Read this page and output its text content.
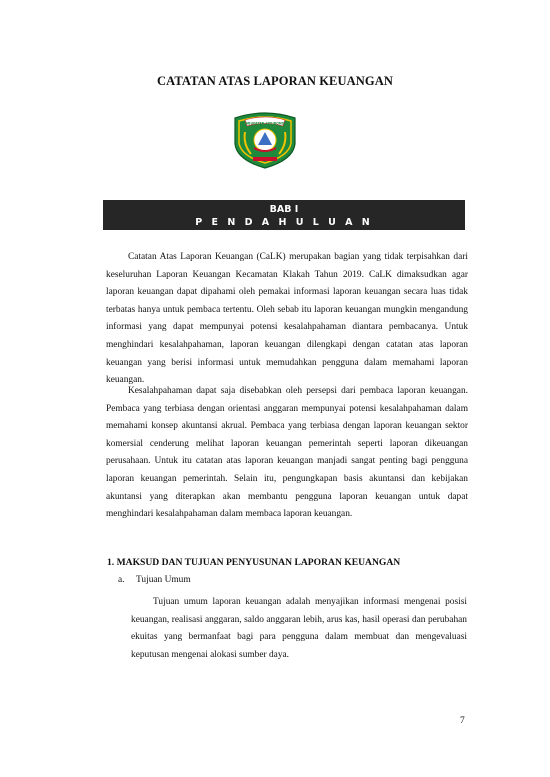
CATATAN ATAS LAPORAN KEUANGAN
KABUPATEN SITUBONDO
BAB I
P E N D A H U L U A N
Catatan Atas Laporan Keuangan (CaLK) merupakan bagian yang tidak terpisahkan dari keseluruhan Laporan Keuangan Kecamatan Klakah Tahun 2019. CaLK dimaksudkan agar laporan keuangan dapat dipahami oleh pemakai informasi laporan keuangan secara luas tidak terbatas hanya untuk pembaca tertentu. Oleh sebab itu laporan keuangan mungkin mengandung informasi yang dapat mempunyai potensi kesalahpahaman diantara pembacanya. Untuk menghindari kesalahpahaman, laporan keuangan dilengkapi dengan catatan atas laporan keuangan yang berisi informasi untuk memudahkan pengguna dalam memahami laporan keuangan.
Kesalahpahaman dapat saja disebabkan oleh persepsi dari pembaca laporan keuangan. Pembaca yang terbiasa dengan orientasi anggaran mempunyai potensi kesalahpahaman dalam memahami konsep akuntansi akrual. Pembaca yang terbiasa dengan laporan keuangan sektor komersial cenderung melihat laporan keuangan pemerintah seperti laporan dikeuangan perusahaan. Untuk itu catatan atas laporan keuangan manjadi sangat penting bagi pengguna laporan keuangan pemerintah. Selain itu, pengungkapan basis akuntansi dan kebijakan akuntansi yang diterapkan akan membantu pengguna laporan keuangan untuk dapat menghindari kesalahpahaman dalam membaca laporan keuangan.
1. MAKSUD DAN TUJUAN PENYUSUNAN LAPORAN KEUANGAN
a. Tujuan Umum
Tujuan umum laporan keuangan adalah menyajikan informasi mengenai posisi keuangan, realisasi anggaran, saldo anggaran lebih, arus kas, hasil operasi dan perubahan ekuitas yang bermanfaat bagi para pengguna dalam membuat dan mengevaluasi keputusan mengenai alokasi sumber daya.
7
